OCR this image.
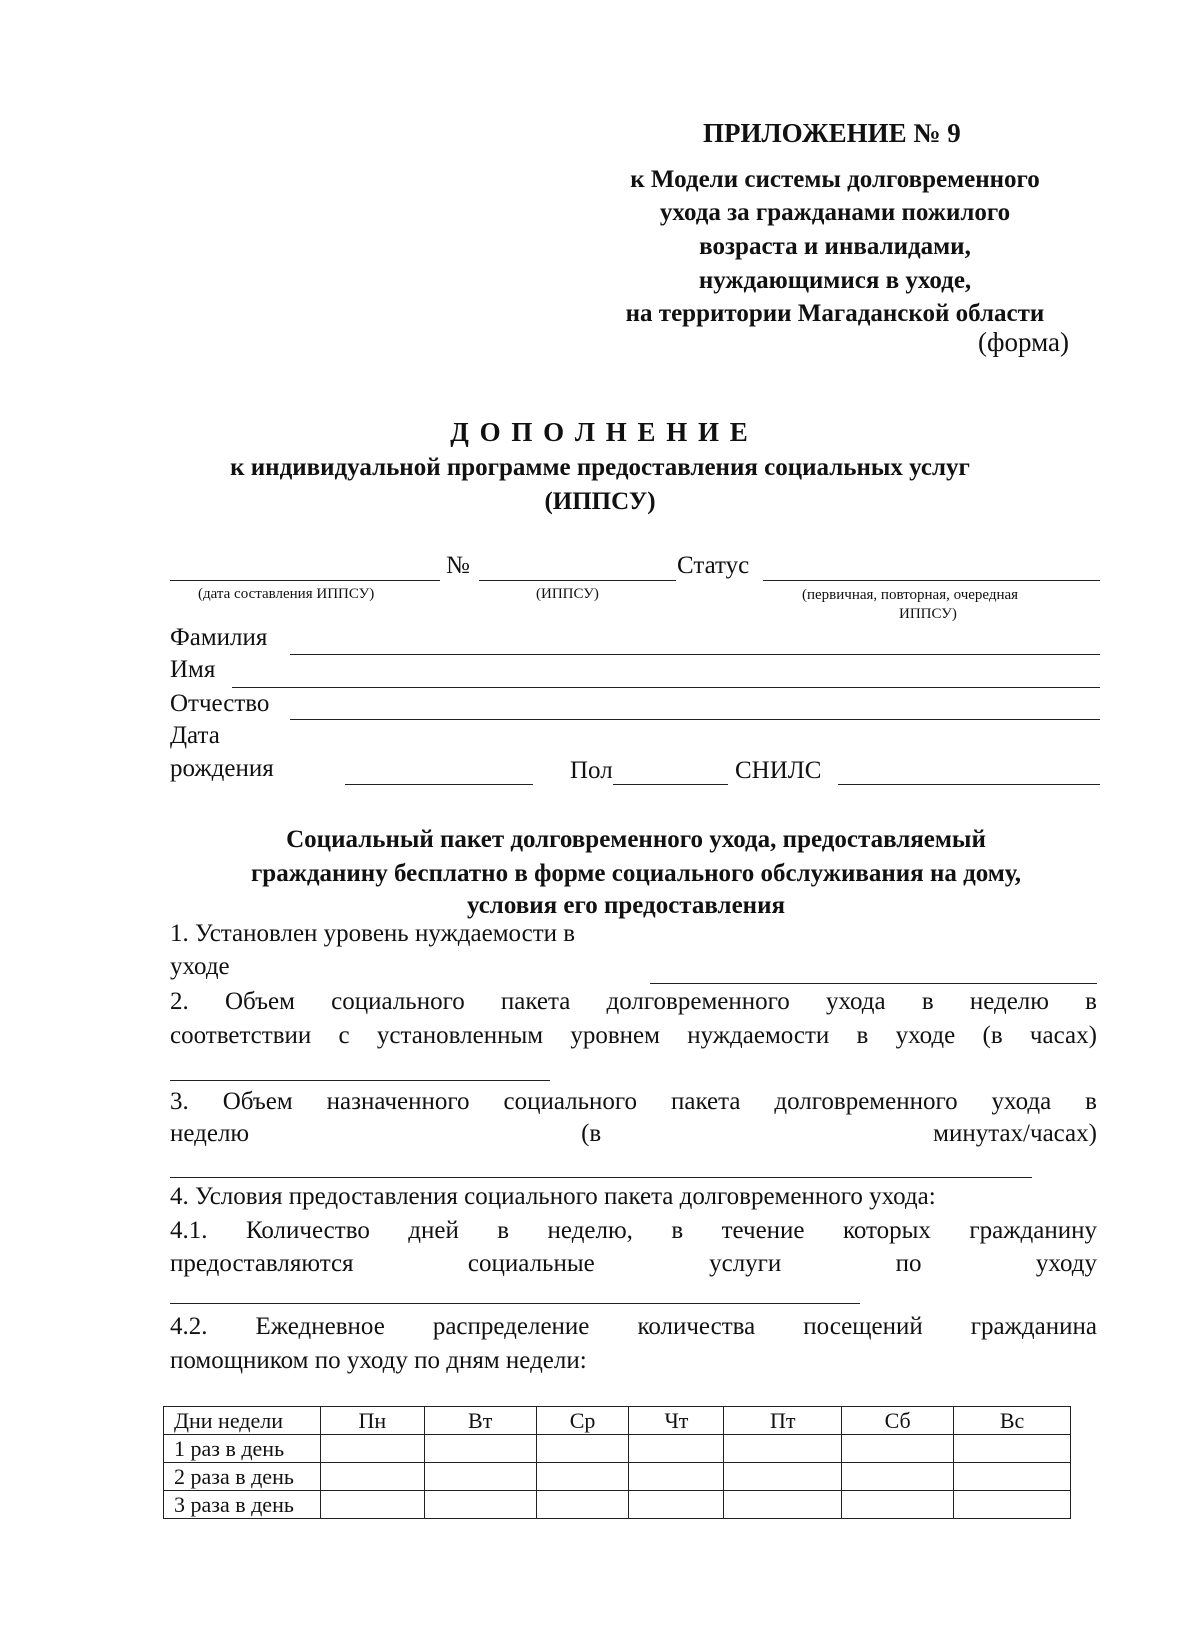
ПРИЛОЖЕНИЕ № 9
к Модели системы долговременного
ухода за гражданами пожилого
возраста и инвалидами,
нуждающимися в уходе,
на территории Магаданской области
(форма)
Д О П О Л Н Е Н И Е
к индивидуальной программе предоставления социальных услуг
(ИППСУ)
№	Статус
(дата составления ИППСУ)	(ИППСУ)	(первичная, повторная, очередная
ИППСУ)
Фамилия
Имя
Отчество
Дата
рождения	Пол	СНИЛС
Социальный пакет долговременного ухода, предоставляемый
гражданину бесплатно в форме социального обслуживания на дому,
условия его предоставления
1. Установлен уровень нуждаемости в
уходе
2. Объем социального пакета долговременного ухода в неделю в
соответствии с установленным уровнем нуждаемости в уходе (в часах)
3. Объем назначенного социального пакета долговременного ухода в
неделю	(в	минутах/часах)
4. Условия предоставления социального пакета долговременного ухода:
4.1. Количество дней в неделю, в течение которых гражданину
предоставляются	социальные	услуги	по	уходу
4.2. Ежедневное распределение количества посещений гражданина
помощником по уходу по дням недели:
Дни недели	Пн	Вт	Ср	Чт	Пт	Сб	Вс
1 раз в день							
2 раза в день							
3 раза в день							
